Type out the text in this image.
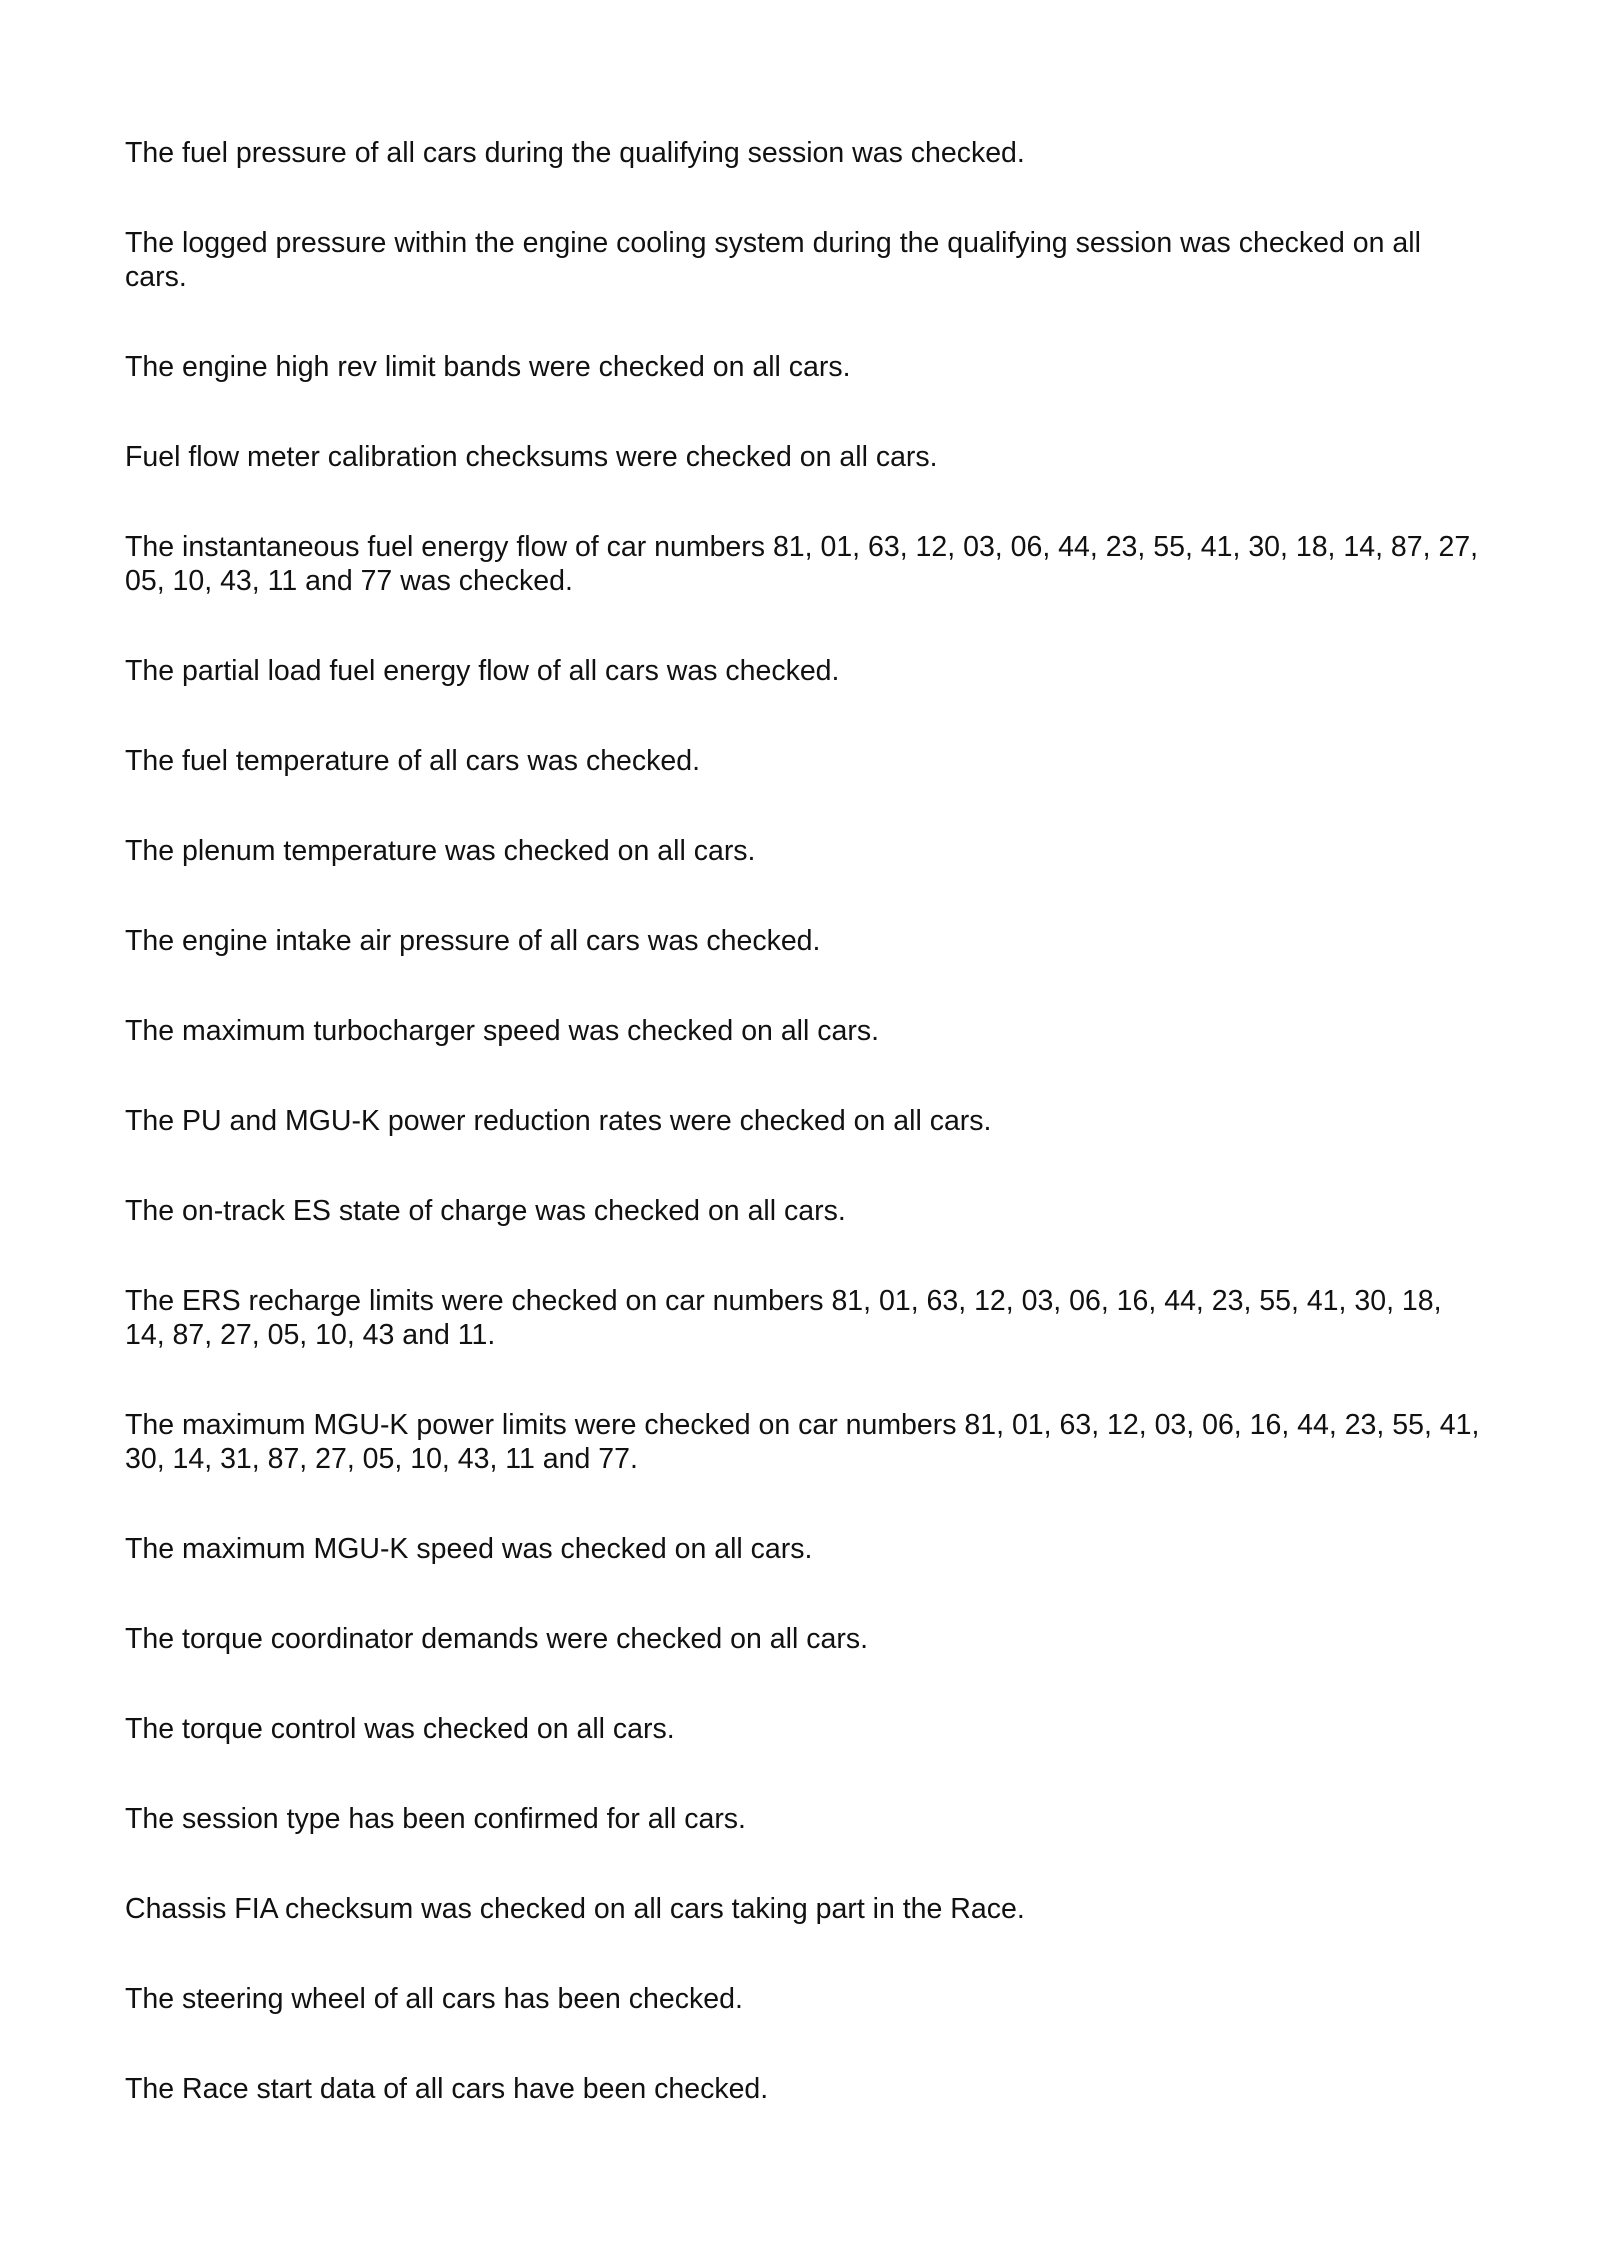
The fuel pressure of all cars during the qualifying session was checked.

The logged pressure within the engine cooling system during the qualifying session was checked on all cars.

The engine high rev limit bands were checked on all cars.

Fuel flow meter calibration checksums were checked on all cars.

The instantaneous fuel energy flow of car numbers 81, 01, 63, 12, 03, 06, 44, 23, 55, 41, 30, 18, 14, 87, 27, 05, 10, 43, 11 and 77 was checked.

The partial load fuel energy flow of all cars was checked.

The fuel temperature of all cars was checked.

The plenum temperature was checked on all cars.

The engine intake air pressure of all cars was checked.

The maximum turbocharger speed was checked on all cars.

The PU and MGU-K power reduction rates were checked on all cars.

The on-track ES state of charge was checked on all cars.

The ERS recharge limits were checked on car numbers 81, 01, 63, 12, 03, 06, 16, 44, 23, 55, 41, 30, 18, 14, 87, 27, 05, 10, 43 and 11.

The maximum MGU-K power limits were checked on car numbers 81, 01, 63, 12, 03, 06, 16, 44, 23, 55, 41, 30, 14, 31, 87, 27, 05, 10, 43, 11 and 77.

The maximum MGU-K speed was checked on all cars.

The torque coordinator demands were checked on all cars.

The torque control was checked on all cars.

The session type has been confirmed for all cars.

Chassis FIA checksum was checked on all cars taking part in the Race.

The steering wheel of all cars has been checked.

The Race start data of all cars have been checked.
